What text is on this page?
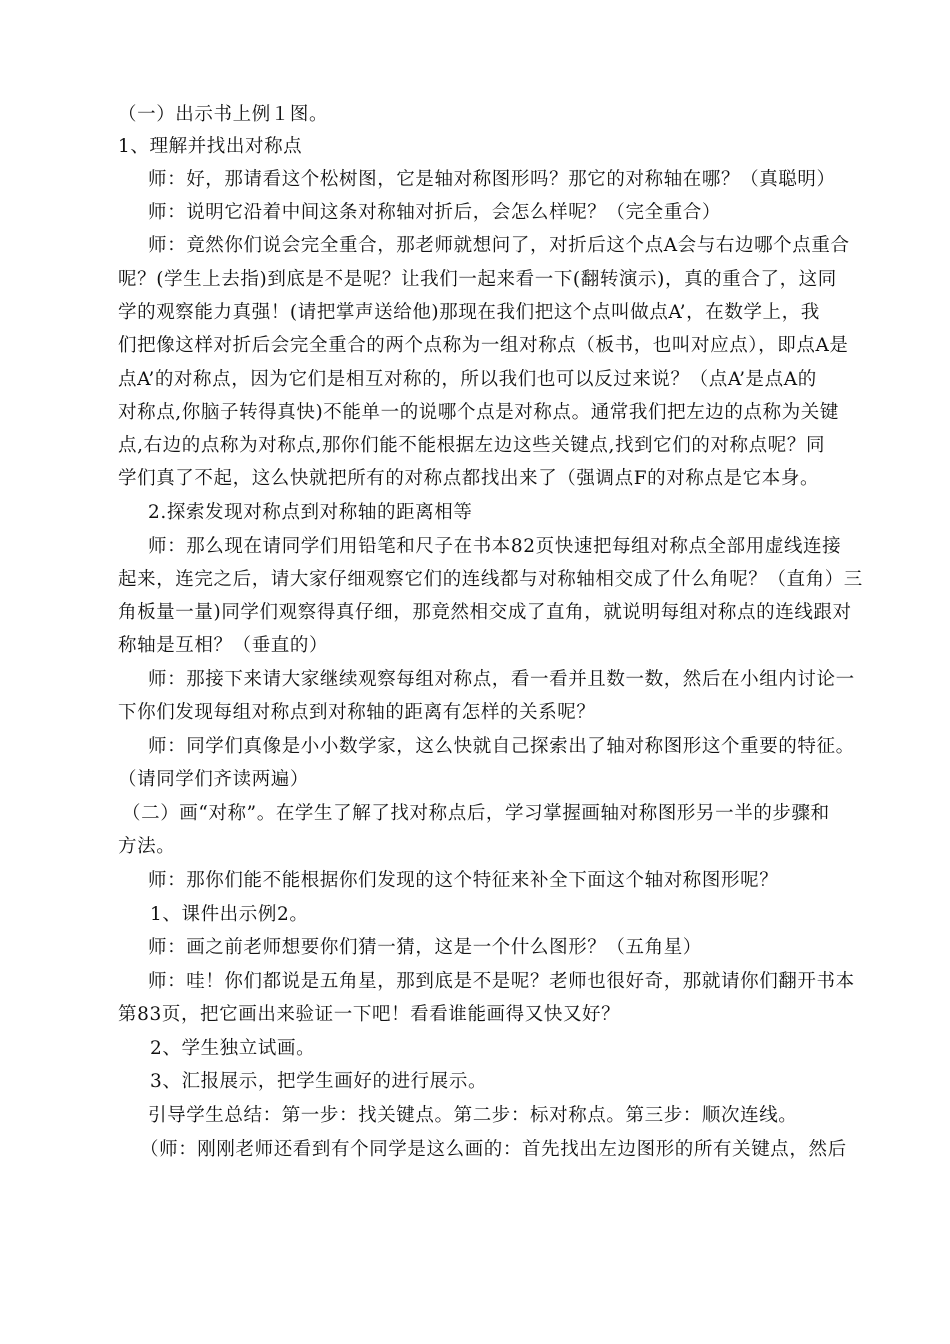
（一）出示书上例１图。
1、理解并找出对称点
师：好，那请看这个松树图，它是轴对称图形吗？那它的对称轴在哪？（真聪明）
师：说明它沿着中间这条对称轴对折后，会怎么样呢？（完全重合）
师：竟然你们说会完全重合，那老师就想问了，对折后这个点A会与右边哪个点重合
呢？(学生上去指)到底是不是呢？让我们一起来看一下(翻转演示)，真的重合了，这同
学的观察能力真强！(请把掌声送给他)那现在我们把这个点叫做点A’，在数学上，我
们把像这样对折后会完全重合的两个点称为一组对称点（板书，也叫对应点），即点A是
点A’的对称点，因为它们是相互对称的，所以我们也可以反过来说？（点A’是点A的
对称点,你脑子转得真快)不能单一的说哪个点是对称点。通常我们把左边的点称为关键
点,右边的点称为对称点,那你们能不能根据左边这些关键点,找到它们的对称点呢？同
学们真了不起，这么快就把所有的对称点都找出来了（强调点F的对称点是它本身。
2.探索发现对称点到对称轴的距离相等
师：那么现在请同学们用铅笔和尺子在书本82页快速把每组对称点全部用虚线连接
起来，连完之后，请大家仔细观察它们的连线都与对称轴相交成了什么角呢？（直角）三
角板量一量)同学们观察得真仔细，那竟然相交成了直角，就说明每组对称点的连线跟对
称轴是互相？（垂直的）
师：那接下来请大家继续观察每组对称点，看一看并且数一数，然后在小组内讨论一
下你们发现每组对称点到对称轴的距离有怎样的关系呢？
师：同学们真像是小小数学家，这么快就自己探索出了轴对称图形这个重要的特征。
（请同学们齐读两遍）
（二）画“对称”。在学生了解了找对称点后，学习掌握画轴对称图形另一半的步骤和
方法。
师：那你们能不能根据你们发现的这个特征来补全下面这个轴对称图形呢？
1、课件出示例2。
师：画之前老师想要你们猜一猜，这是一个什么图形？（五角星）
师：哇！你们都说是五角星，那到底是不是呢？老师也很好奇，那就请你们翻开书本
第83页，把它画出来验证一下吧！看看谁能画得又快又好？
2、学生独立试画。
3、汇报展示，把学生画好的进行展示。
引导学生总结：第一步：找关键点。第二步：标对称点。第三步：顺次连线。
（师：刚刚老师还看到有个同学是这么画的：首先找出左边图形的所有关键点，然后
